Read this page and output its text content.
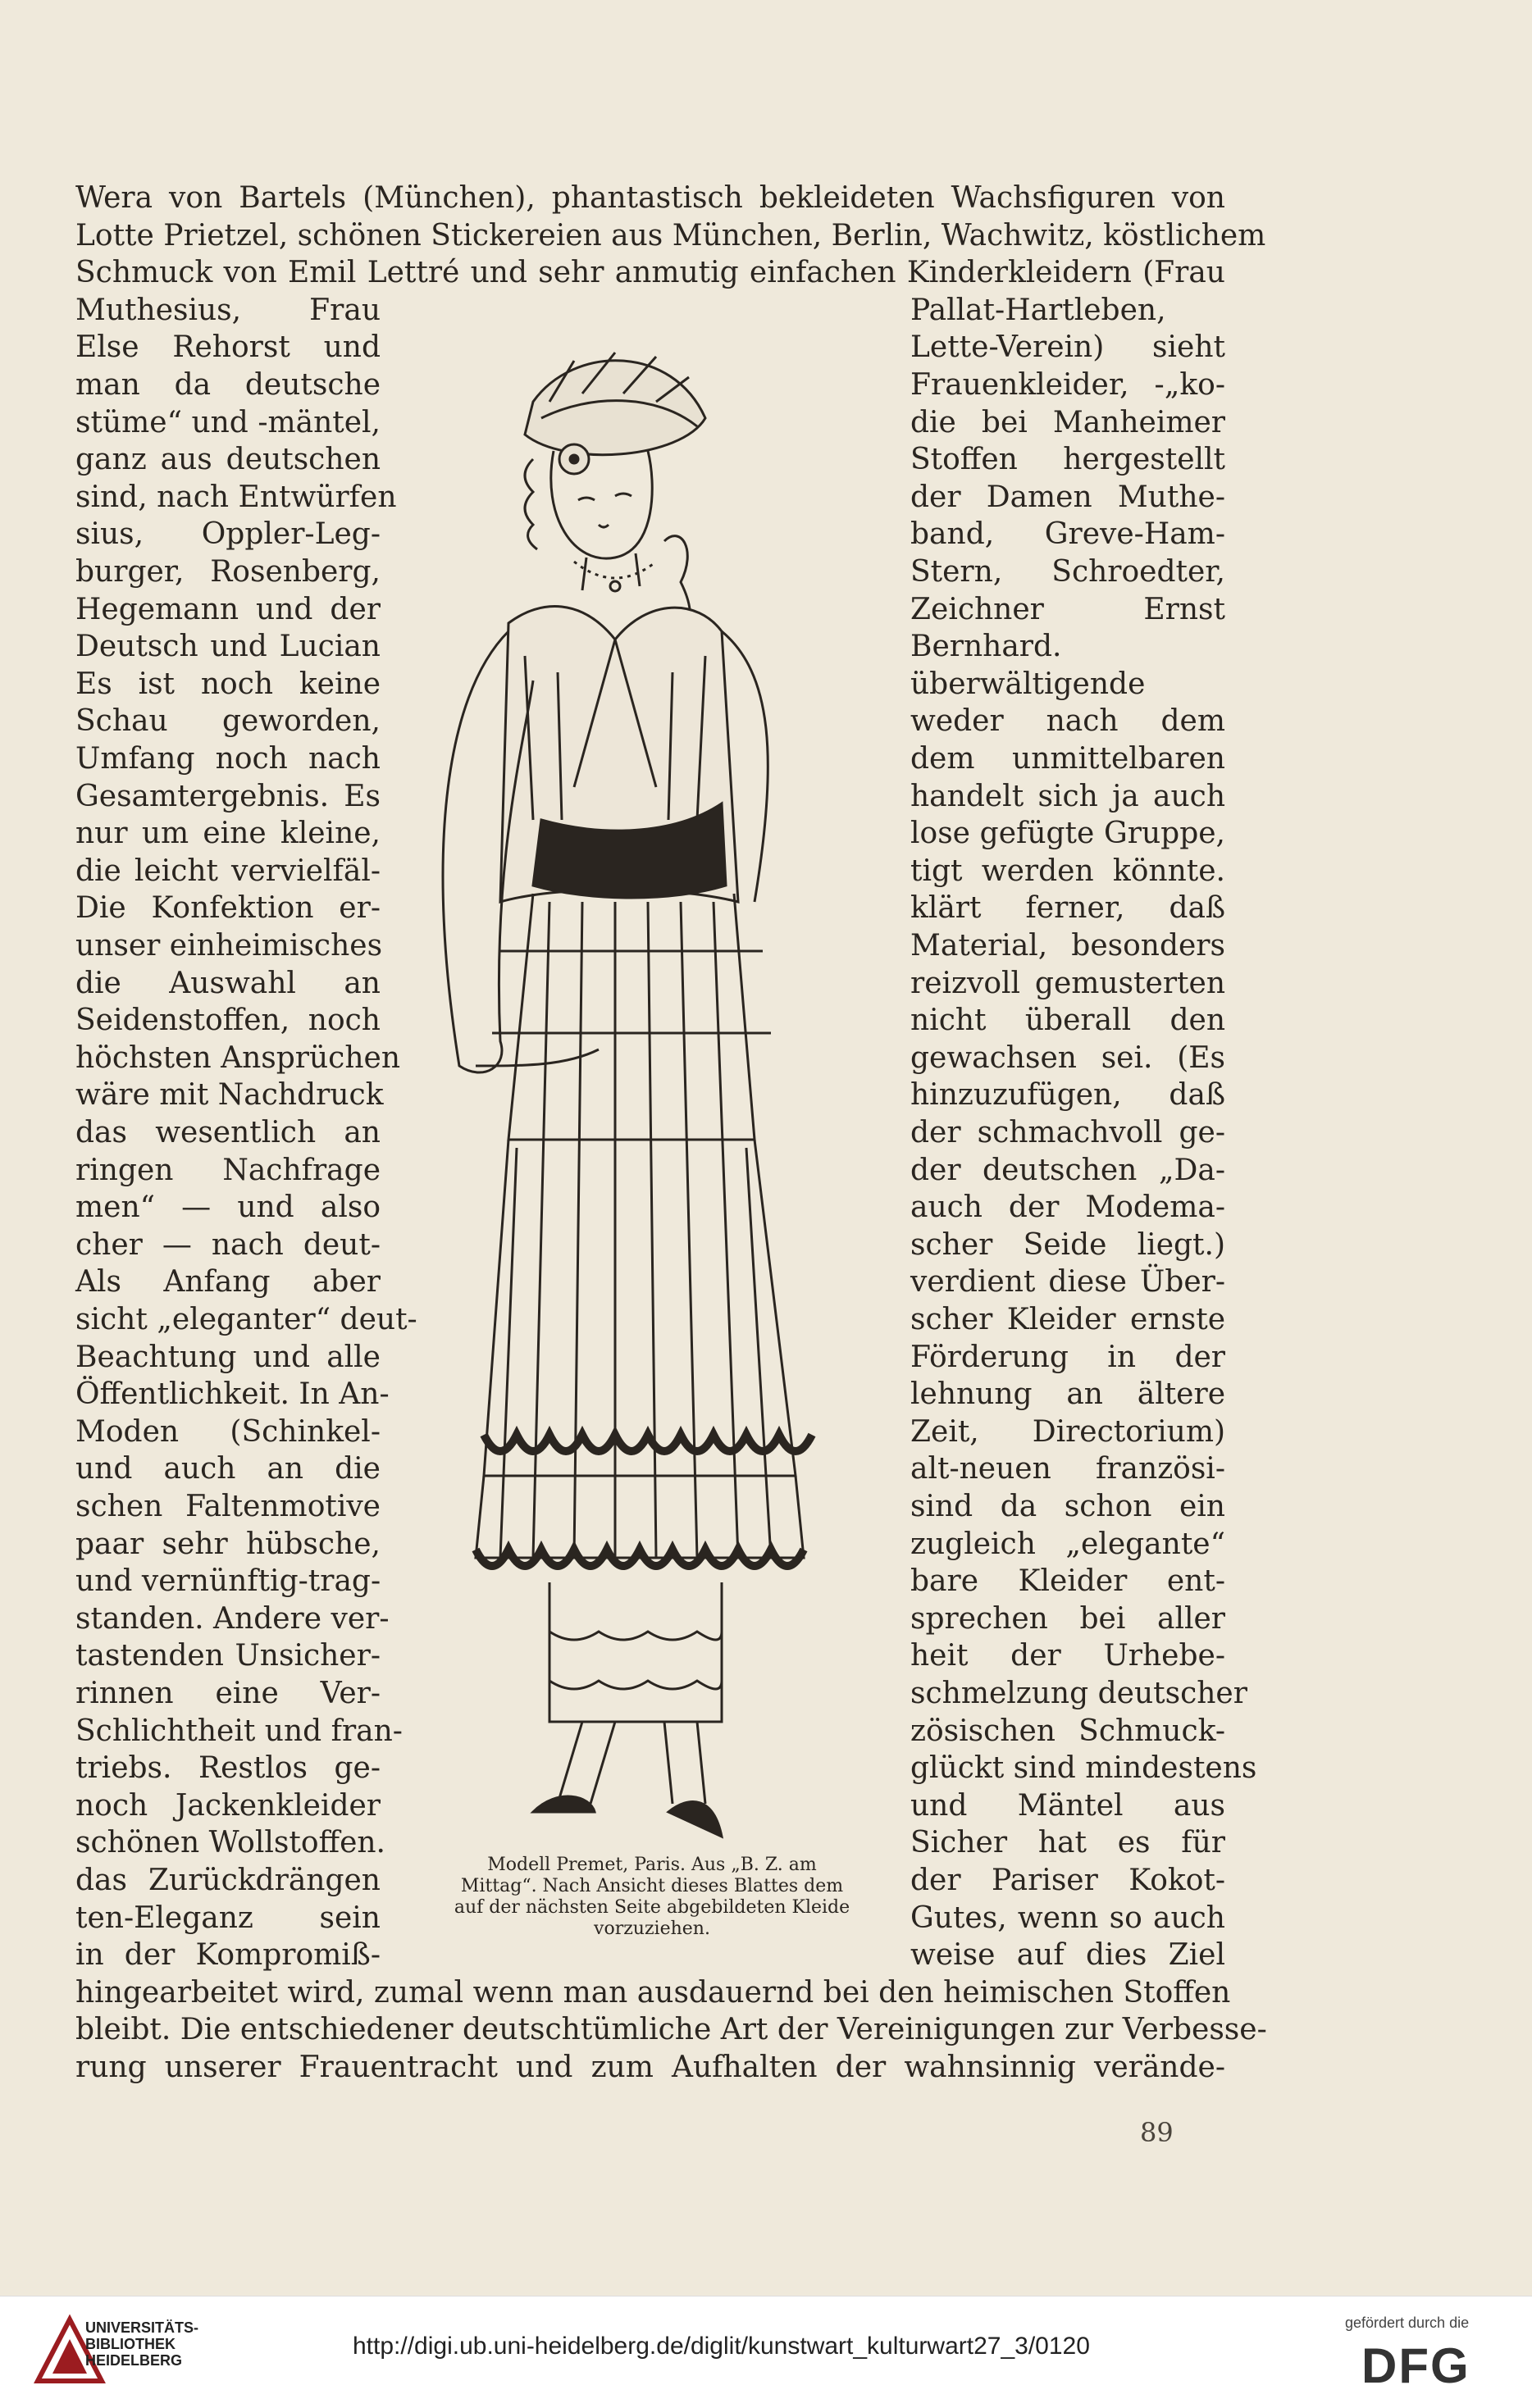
Wera von Bartels (München), phantastisch bekleideten Wachsfiguren von
Lotte Prietzel, schönen Stickereien aus München, Berlin, Wachwitz, köstlichem
Schmuck von Emil Lettré und sehr anmutig einfachen Kinderkleidern (Frau
Muthesius, Frau
Else Rehorst und
man da deutsche
stüme“ und -mäntel,
ganz aus deutschen
sind, nach Entwürfen
sius, Oppler-Leg-
burger, Rosenberg,
Hegemann und der
Deutsch und Lucian
Es ist noch keine
Schau geworden,
Umfang noch nach
Gesamtergebnis. Es
nur um eine kleine,
die leicht vervielfäl-
Die Konfektion er-
unser einheimisches
die Auswahl an
Seidenstoffen, noch
höchsten Ansprüchen
wäre mit Nachdruck
das wesentlich an
ringen Nachfrage
men“ — und also
cher — nach deut-
Als Anfang aber
sicht „eleganter“ deut-
Beachtung und alle
Öffentlichkeit. In An-
Moden (Schinkel-
und auch an die
schen Faltenmotive
paar sehr hübsche,
und vernünftig-trag-
standen. Andere ver-
tastenden Unsicher-
rinnen eine Ver-
Schlichtheit und fran-
triebs. Restlos ge-
noch Jackenkleider
schönen Wollstoffen.
das Zurückdrängen
ten-Eleganz sein
in der Kompromiß-
Pallat-Hartleben,
Lette-Verein) sieht
Frauenkleider, -„ko-
die bei Manheimer
Stoffen hergestellt
der Damen Muthe-
band, Greve-Ham-
Stern, Schroedter,
Zeichner Ernst
Bernhard.
überwältigende
weder nach dem
dem unmittelbaren
handelt sich ja auch
lose gefügte Gruppe,
tigt werden könnte.
klärt ferner, daß
Material, besonders
reizvoll gemusterten
nicht überall den
gewachsen sei. (Es
hinzuzufügen, daß
der schmachvoll ge-
der deutschen „Da-
auch der Modema-
scher Seide liegt.)
verdient diese Über-
scher Kleider ernste
Förderung in der
lehnung an ältere
Zeit, Directorium)
alt-neuen französi-
sind da schon ein
zugleich „elegante“
bare Kleider ent-
sprechen bei aller
heit der Urhebe-
schmelzung deutscher
zösischen Schmuck-
glückt sind mindestens
und Mäntel aus
Sicher hat es für
der Pariser Kokot-
Gutes, wenn so auch
weise auf dies Ziel
hingearbeitet wird, zumal wenn man ausdauernd bei den heimischen Stoffen
bleibt. Die entschiedener deutschtümliche Art der Vereinigungen zur Verbesse-
rung unserer Frauentracht und zum Aufhalten der wahnsinnig verände-
Modell Premet, Paris. Aus „B. Z. am
Mittag“. Nach Ansicht dieses Blattes dem
auf der nächsten Seite abgebildeten Kleide
vorzuziehen.
89
UNIVERSITÄTS-
BIBLIOTHEK
HEIDELBERG
http://digi.ub.uni-heidelberg.de/diglit/kunstwart_kulturwart27_3/0120
gefördert durch die
DFG
